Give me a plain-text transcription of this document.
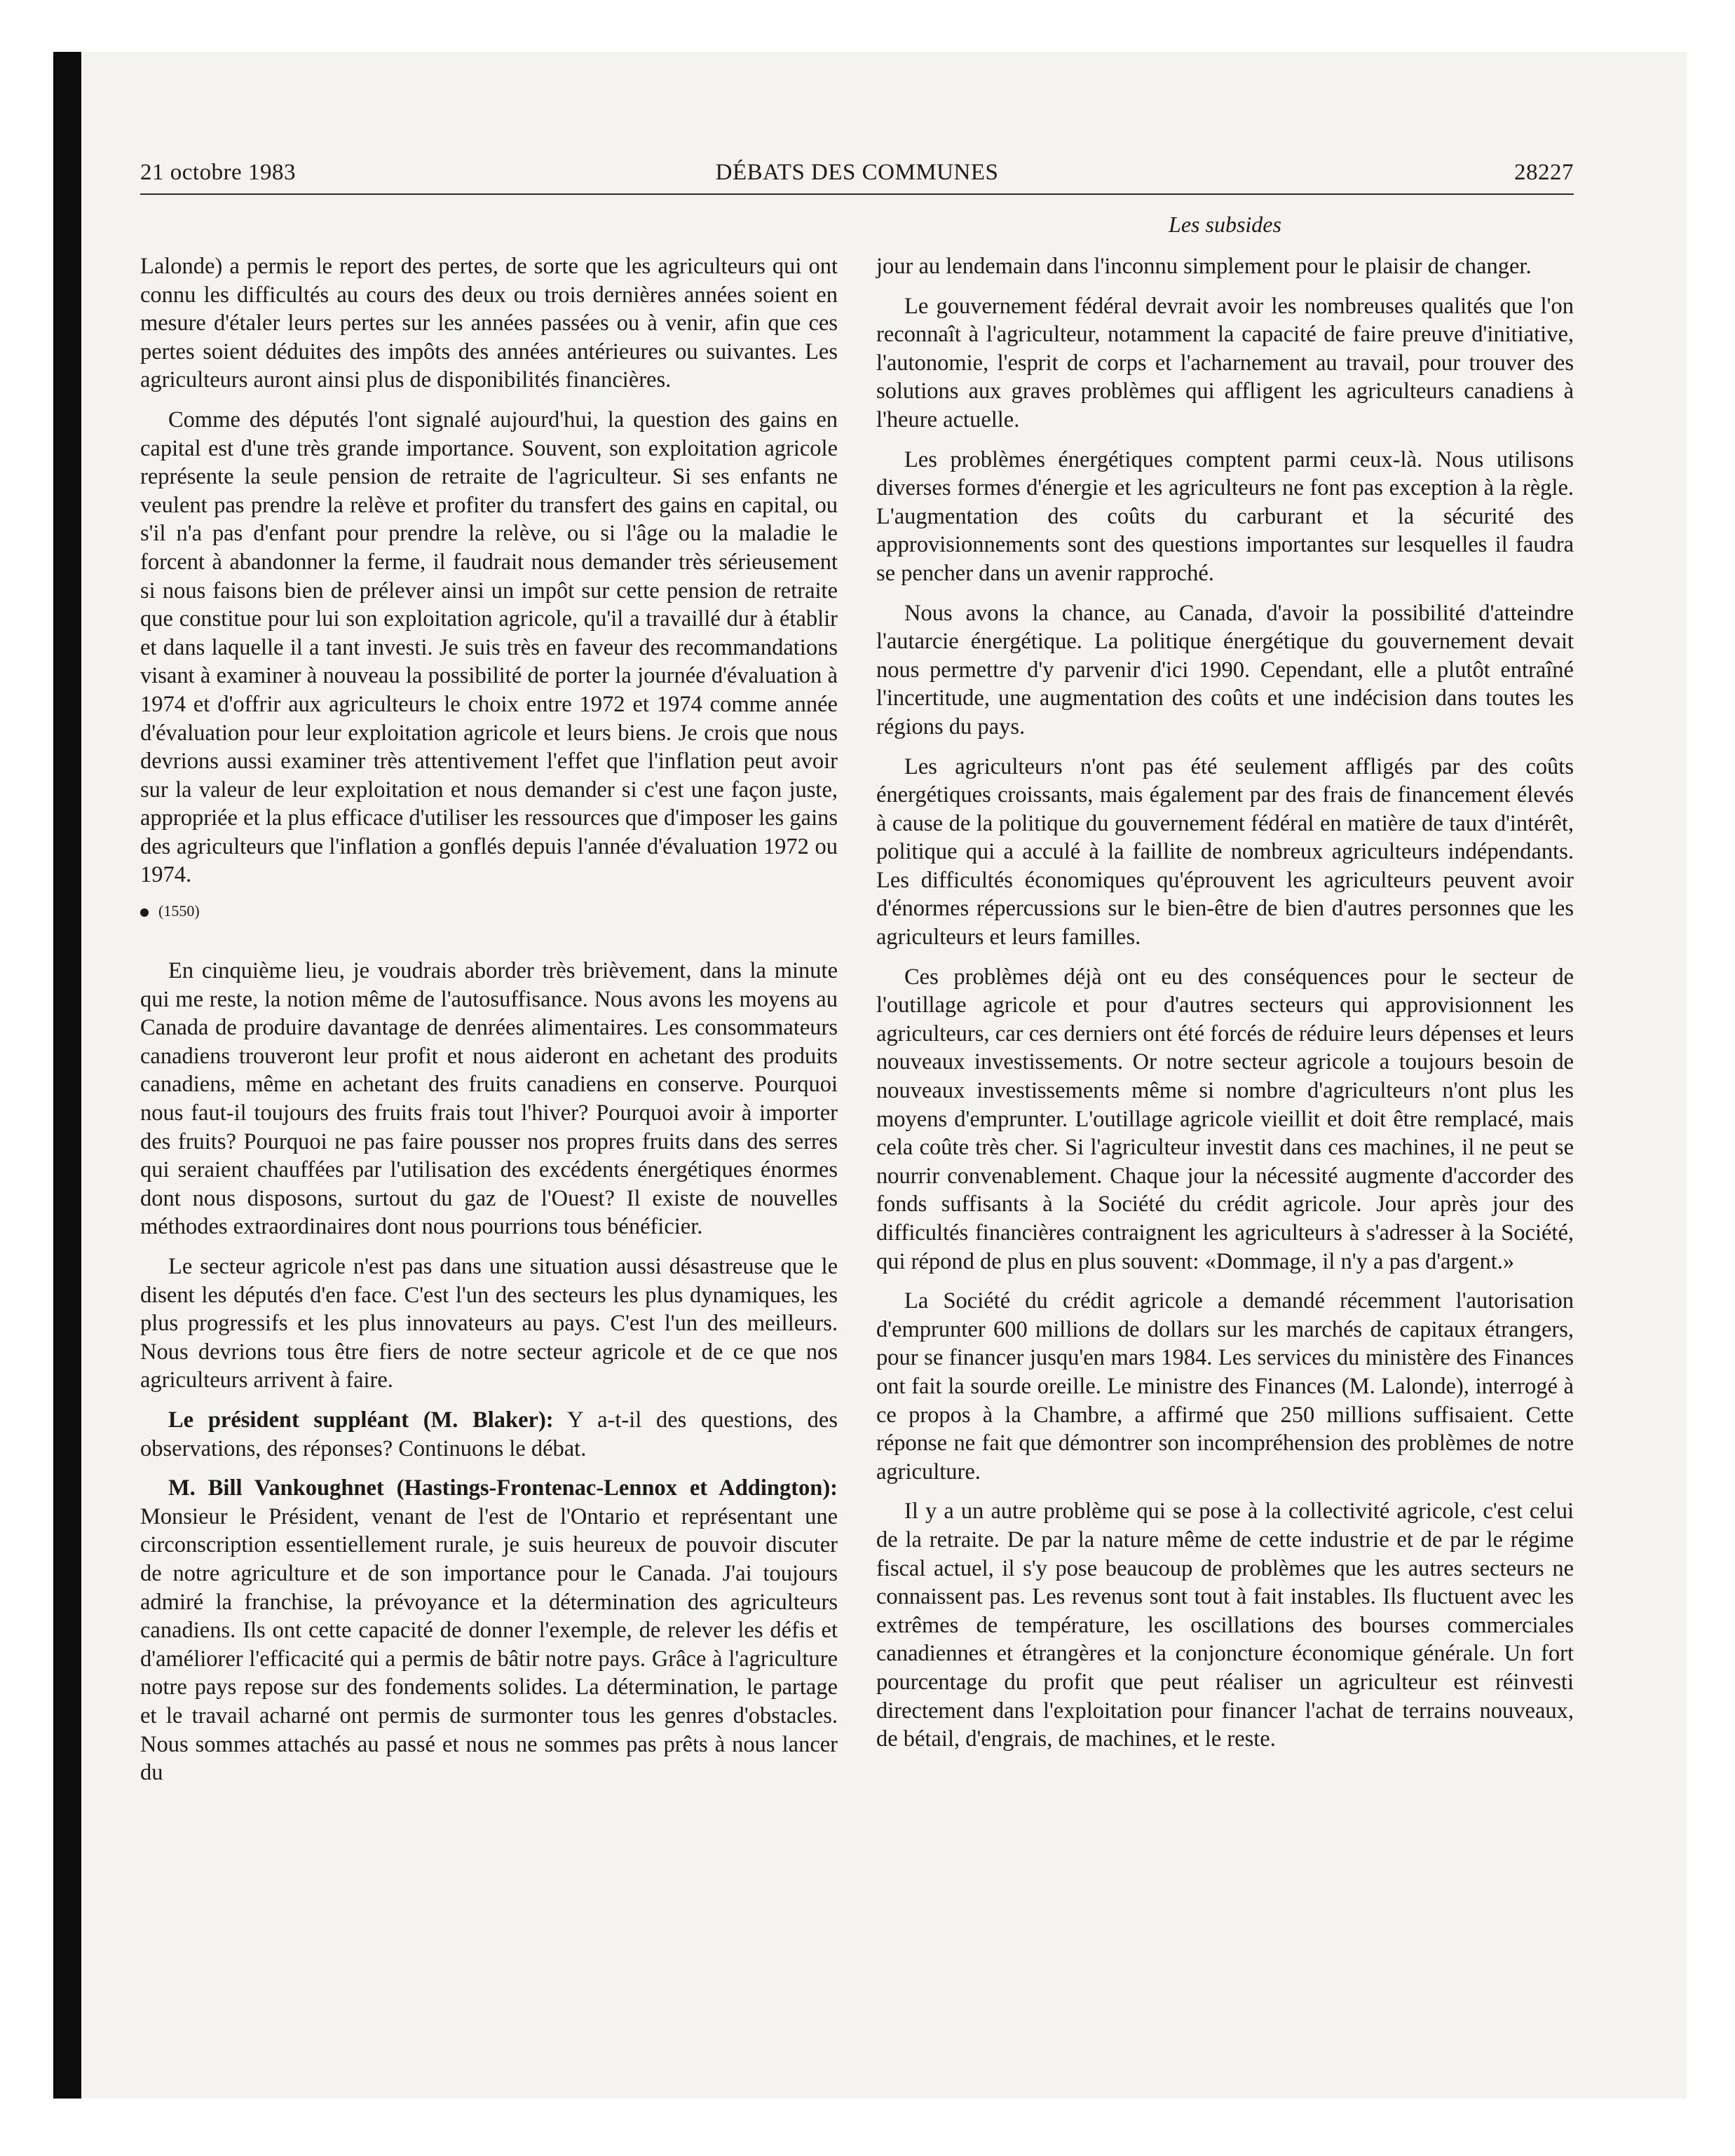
21 octobre 1983	DÉBATS DES COMMUNES	28227
Les subsides

Lalonde) a permis le report des pertes, de sorte que les agriculteurs qui ont connu les difficultés au cours des deux ou trois dernières années soient en mesure d'étaler leurs pertes sur les années passées ou à venir, afin que ces pertes soient déduites des impôts des années antérieures ou suivantes. Les agriculteurs auront ainsi plus de disponibilités financières.

Comme des députés l'ont signalé aujourd'hui, la question des gains en capital est d'une très grande importance. Souvent, son exploitation agricole représente la seule pension de retraite de l'agriculteur. Si ses enfants ne veulent pas prendre la relève et profiter du transfert des gains en capital, ou s'il n'a pas d'enfant pour prendre la relève, ou si l'âge ou la maladie le forcent à abandonner la ferme, il faudrait nous demander très sérieusement si nous faisons bien de prélever ainsi un impôt sur cette pension de retraite que constitue pour lui son exploitation agricole, qu'il a travaillé dur à établir et dans laquelle il a tant investi. Je suis très en faveur des recommandations visant à examiner à nouveau la possibilité de porter la journée d'évaluation à 1974 et d'offrir aux agriculteurs le choix entre 1972 et 1974 comme année d'évaluation pour leur exploitation agricole et leurs biens. Je crois que nous devrions aussi examiner très attentivement l'effet que l'inflation peut avoir sur la valeur de leur exploitation et nous demander si c'est une façon juste, appropriée et la plus efficace d'utiliser les ressources que d'imposer les gains des agriculteurs que l'inflation a gonflés depuis l'année d'évaluation 1972 ou 1974.

(1550)

En cinquième lieu, je voudrais aborder très brièvement, dans la minute qui me reste, la notion même de l'autosuffisance. Nous avons les moyens au Canada de produire davantage de denrées alimentaires. Les consommateurs canadiens trouveront leur profit et nous aideront en achetant des produits canadiens, même en achetant des fruits canadiens en conserve. Pourquoi nous faut-il toujours des fruits frais tout l'hiver? Pourquoi avoir à importer des fruits? Pourquoi ne pas faire pousser nos propres fruits dans des serres qui seraient chauffées par l'utilisation des excédents énergétiques énormes dont nous disposons, surtout du gaz de l'Ouest? Il existe de nouvelles méthodes extraordinaires dont nous pourrions tous bénéficier.

Le secteur agricole n'est pas dans une situation aussi désastreuse que le disent les députés d'en face. C'est l'un des secteurs les plus dynamiques, les plus progressifs et les plus innovateurs au pays. C'est l'un des meilleurs. Nous devrions tous être fiers de notre secteur agricole et de ce que nos agriculteurs arrivent à faire.

Le président suppléant (M. Blaker): Y a-t-il des questions, des observations, des réponses? Continuons le débat.

M. Bill Vankoughnet (Hastings-Frontenac-Lennox et Addington): Monsieur le Président, venant de l'est de l'Ontario et représentant une circonscription essentiellement rurale, je suis heureux de pouvoir discuter de notre agriculture et de son importance pour le Canada. J'ai toujours admiré la franchise, la prévoyance et la détermination des agriculteurs canadiens. Ils ont cette capacité de donner l'exemple, de relever les défis et d'améliorer l'efficacité qui a permis de bâtir notre pays. Grâce à l'agriculture notre pays repose sur des fondements solides. La détermination, le partage et le travail acharné ont permis de surmonter tous les genres d'obstacles. Nous sommes attachés au passé et nous ne sommes pas prêts à nous lancer du

jour au lendemain dans l'inconnu simplement pour le plaisir de changer.

Le gouvernement fédéral devrait avoir les nombreuses qualités que l'on reconnaît à l'agriculteur, notamment la capacité de faire preuve d'initiative, l'autonomie, l'esprit de corps et l'acharnement au travail, pour trouver des solutions aux graves problèmes qui affligent les agriculteurs canadiens à l'heure actuelle.

Les problèmes énergétiques comptent parmi ceux-là. Nous utilisons diverses formes d'énergie et les agriculteurs ne font pas exception à la règle. L'augmentation des coûts du carburant et la sécurité des approvisionnements sont des questions importantes sur lesquelles il faudra se pencher dans un avenir rapproché.

Nous avons la chance, au Canada, d'avoir la possibilité d'atteindre l'autarcie énergétique. La politique énergétique du gouvernement devait nous permettre d'y parvenir d'ici 1990. Cependant, elle a plutôt entraîné l'incertitude, une augmentation des coûts et une indécision dans toutes les régions du pays.

Les agriculteurs n'ont pas été seulement affligés par des coûts énergétiques croissants, mais également par des frais de financement élevés à cause de la politique du gouvernement fédéral en matière de taux d'intérêt, politique qui a acculé à la faillite de nombreux agriculteurs indépendants. Les difficultés économiques qu'éprouvent les agriculteurs peuvent avoir d'énormes répercussions sur le bien-être de bien d'autres personnes que les agriculteurs et leurs familles.

Ces problèmes déjà ont eu des conséquences pour le secteur de l'outillage agricole et pour d'autres secteurs qui approvisionnent les agriculteurs, car ces derniers ont été forcés de réduire leurs dépenses et leurs nouveaux investissements. Or notre secteur agricole a toujours besoin de nouveaux investissements même si nombre d'agriculteurs n'ont plus les moyens d'emprunter. L'outillage agricole vieillit et doit être remplacé, mais cela coûte très cher. Si l'agriculteur investit dans ces machines, il ne peut se nourrir convenablement. Chaque jour la nécessité augmente d'accorder des fonds suffisants à la Société du crédit agricole. Jour après jour des difficultés financières contraignent les agriculteurs à s'adresser à la Société, qui répond de plus en plus souvent: «Dommage, il n'y a pas d'argent.»

La Société du crédit agricole a demandé récemment l'autorisation d'emprunter 600 millions de dollars sur les marchés de capitaux étrangers, pour se financer jusqu'en mars 1984. Les services du ministère des Finances ont fait la sourde oreille. Le ministre des Finances (M. Lalonde), interrogé à ce propos à la Chambre, a affirmé que 250 millions suffisaient. Cette réponse ne fait que démontrer son incompréhension des problèmes de notre agriculture.

Il y a un autre problème qui se pose à la collectivité agricole, c'est celui de la retraite. De par la nature même de cette industrie et de par le régime fiscal actuel, il s'y pose beaucoup de problèmes que les autres secteurs ne connaissent pas. Les revenus sont tout à fait instables. Ils fluctuent avec les extrêmes de température, les oscillations des bourses commerciales canadiennes et étrangères et la conjoncture économique générale. Un fort pourcentage du profit que peut réaliser un agriculteur est réinvesti directement dans l'exploitation pour financer l'achat de terrains nouveaux, de bétail, d'engrais, de machines, et le reste.
